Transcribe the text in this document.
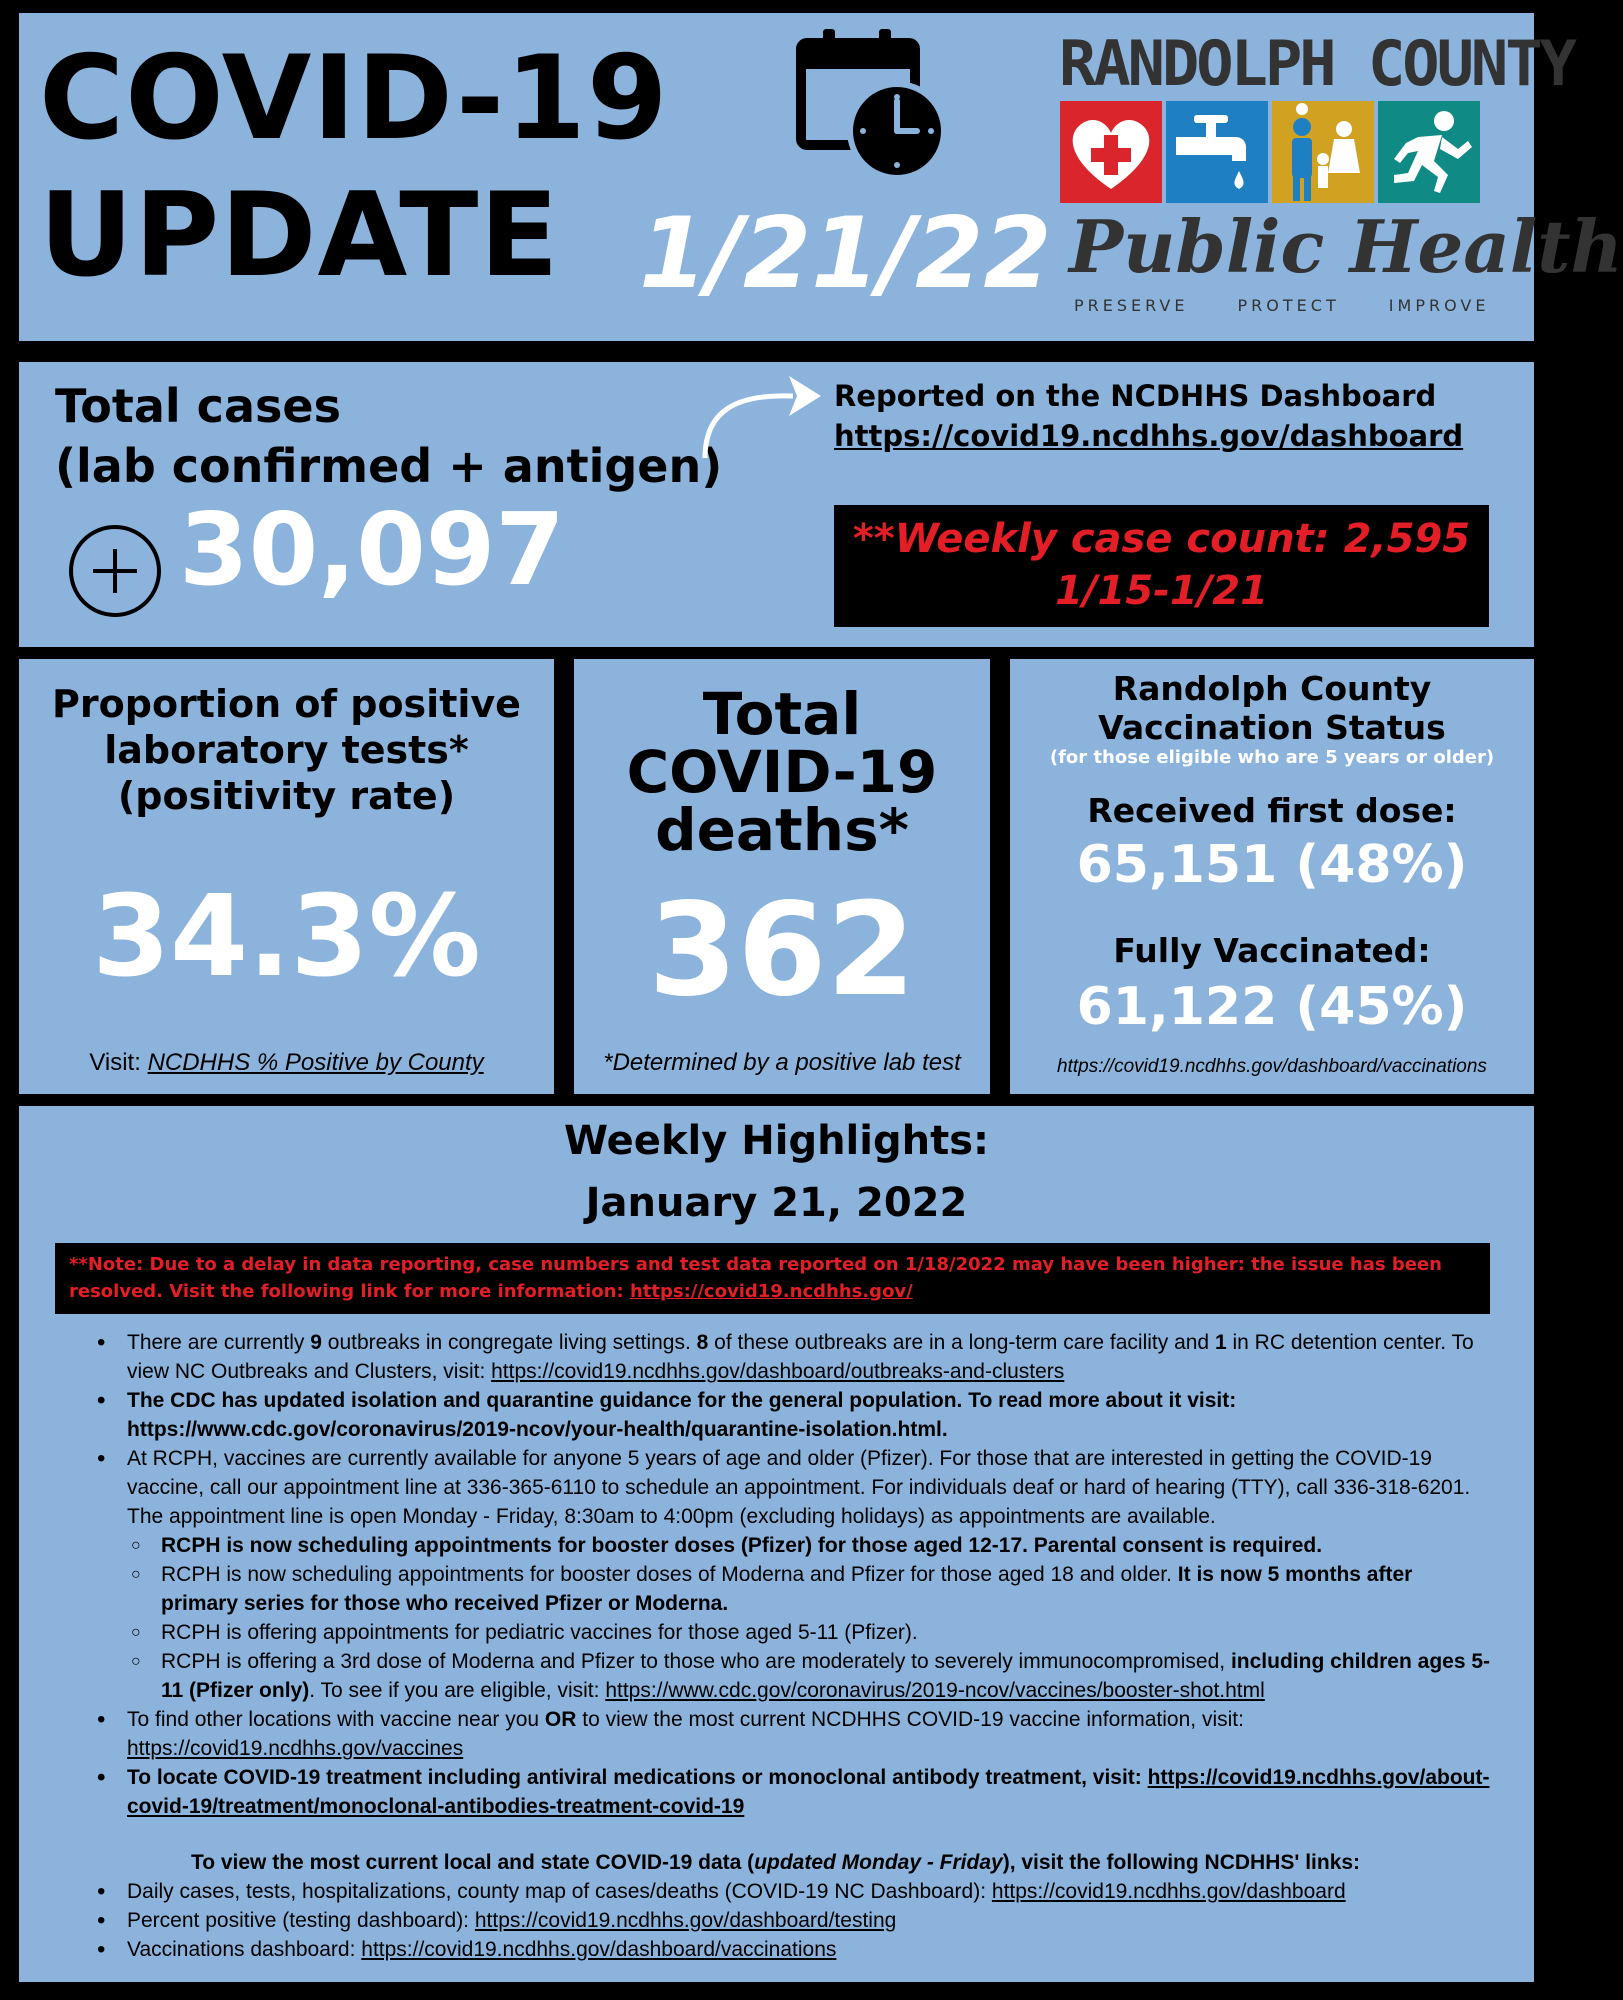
COVID-19
UPDATE 1/21/22
RANDOLPH COUNTY
Public Health
PRESERVE PROTECT IMPROVE
Total cases
(lab confirmed + antigen)
30,097
Reported on the NCDHHS Dashboard
https://covid19.ncdhhs.gov/dashboard
**Weekly case count: 2,595
1/15-1/21
Proportion of positive
laboratory tests*
(positivity rate)
34.3%
Visit: NCDHHS % Positive by County
Total
COVID-19
deaths*
362
*Determined by a positive lab test
Randolph County
Vaccination Status
(for those eligible who are 5 years or older)
Received first dose:
65,151 (48%)
Fully Vaccinated:
61,122 (45%)
https://covid19.ncdhhs.gov/dashboard/vaccinations
Weekly Highlights:
January 21, 2022
**Note: Due to a delay in data reporting, case numbers and test data reported on 1/18/2022 may have been higher: the issue has been resolved. Visit the following link for more information: https://covid19.ncdhhs.gov/
• There are currently 9 outbreaks in congregate living settings. 8 of these outbreaks are in a long-term care facility and 1 in RC detention center. To view NC Outbreaks and Clusters, visit: https://covid19.ncdhhs.gov/dashboard/outbreaks-and-clusters
• The CDC has updated isolation and quarantine guidance for the general population. To read more about it visit: https://www.cdc.gov/coronavirus/2019-ncov/your-health/quarantine-isolation.html.
• At RCPH, vaccines are currently available for anyone 5 years of age and older (Pfizer). For those that are interested in getting the COVID-19 vaccine, call our appointment line at 336-365-6110 to schedule an appointment. For individuals deaf or hard of hearing (TTY), call 336-318-6201. The appointment line is open Monday - Friday, 8:30am to 4:00pm (excluding holidays) as appointments are available.
○ RCPH is now scheduling appointments for booster doses (Pfizer) for those aged 12-17. Parental consent is required.
○ RCPH is now scheduling appointments for booster doses of Moderna and Pfizer for those aged 18 and older. It is now 5 months after primary series for those who received Pfizer or Moderna.
○ RCPH is offering appointments for pediatric vaccines for those aged 5-11 (Pfizer).
○ RCPH is offering a 3rd dose of Moderna and Pfizer to those who are moderately to severely immunocompromised, including children ages 5-11 (Pfizer only). To see if you are eligible, visit: https://www.cdc.gov/coronavirus/2019-ncov/vaccines/booster-shot.html
• To find other locations with vaccine near you OR to view the most current NCDHHS COVID-19 vaccine information, visit: https://covid19.ncdhhs.gov/vaccines
• To locate COVID-19 treatment including antiviral medications or monoclonal antibody treatment, visit: https://covid19.ncdhhs.gov/about-covid-19/treatment/monoclonal-antibodies-treatment-covid-19
To view the most current local and state COVID-19 data (updated Monday - Friday), visit the following NCDHHS' links:
• Daily cases, tests, hospitalizations, county map of cases/deaths (COVID-19 NC Dashboard): https://covid19.ncdhhs.gov/dashboard
• Percent positive (testing dashboard): https://covid19.ncdhhs.gov/dashboard/testing
• Vaccinations dashboard: https://covid19.ncdhhs.gov/dashboard/vaccinations
